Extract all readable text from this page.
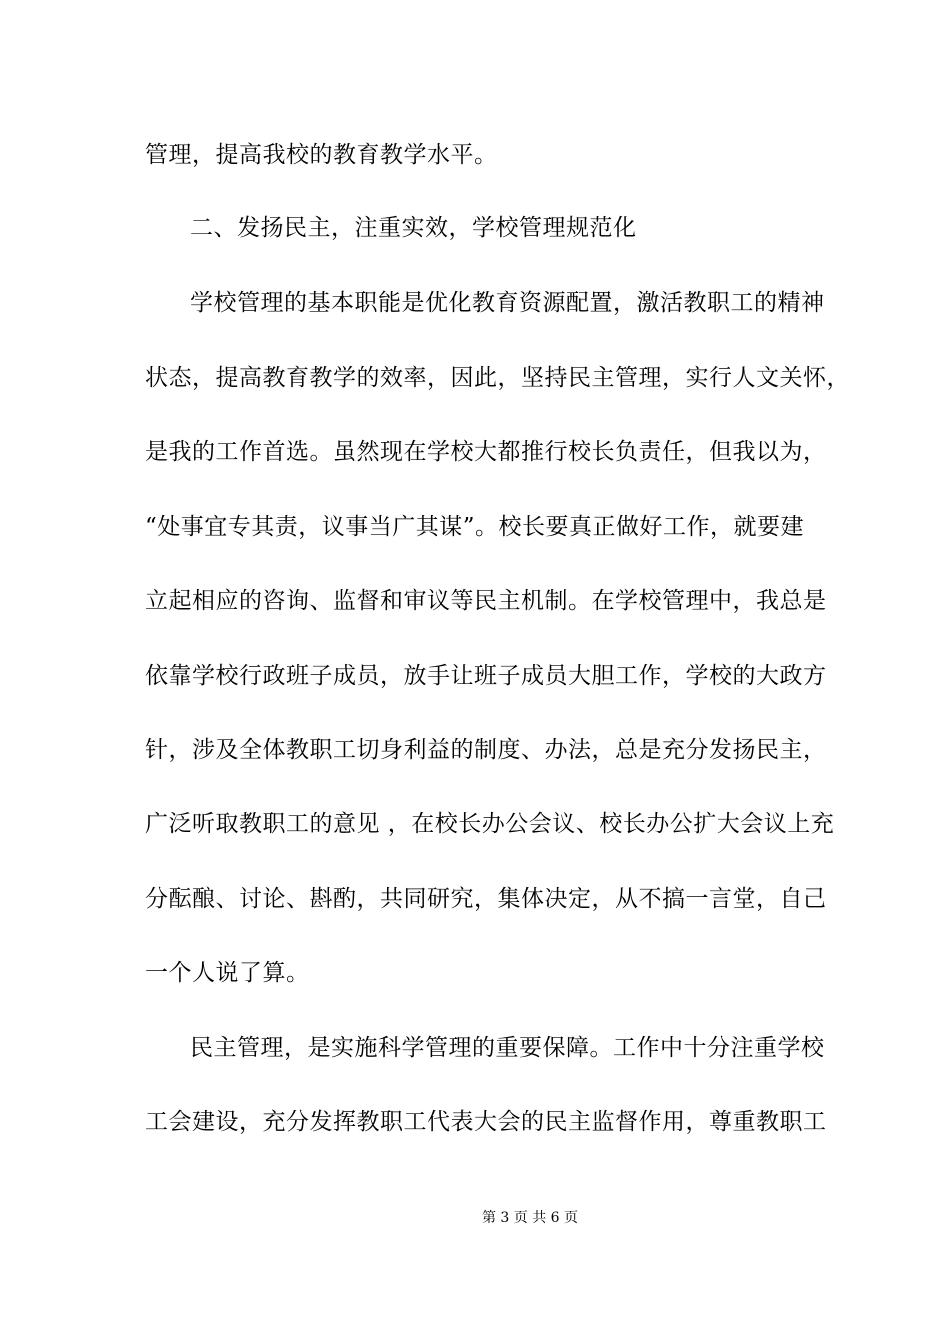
管理，提高我校的教育教学水平。
二、发扬民主，注重实效，学校管理规范化
学校管理的基本职能是优化教育资源配置，激活教职工的精神
状态，提高教育教学的效率，因此，坚持民主管理，实行人文关怀，
是我的工作首选。虽然现在学校大都推行校长负责任，但我以为，
“处事宜专其责，议事当广其谋”。校长要真正做好工作，就要建
立起相应的咨询、监督和审议等民主机制。在学校管理中，我总是
依靠学校行政班子成员，放手让班子成员大胆工作，学校的大政方
针，涉及全体教职工切身利益的制度、办法，总是充分发扬民主，
广泛听取教职工的意见 ，在校长办公会议、校长办公扩大会议上充
分酝酿、讨论、斟酌，共同研究，集体决定，从不搞一言堂，自己
一个人说了算。
民主管理，是实施科学管理的重要保障。工作中十分注重学校
工会建设，充分发挥教职工代表大会的民主监督作用，尊重教职工
第 3 页 共 6 页
